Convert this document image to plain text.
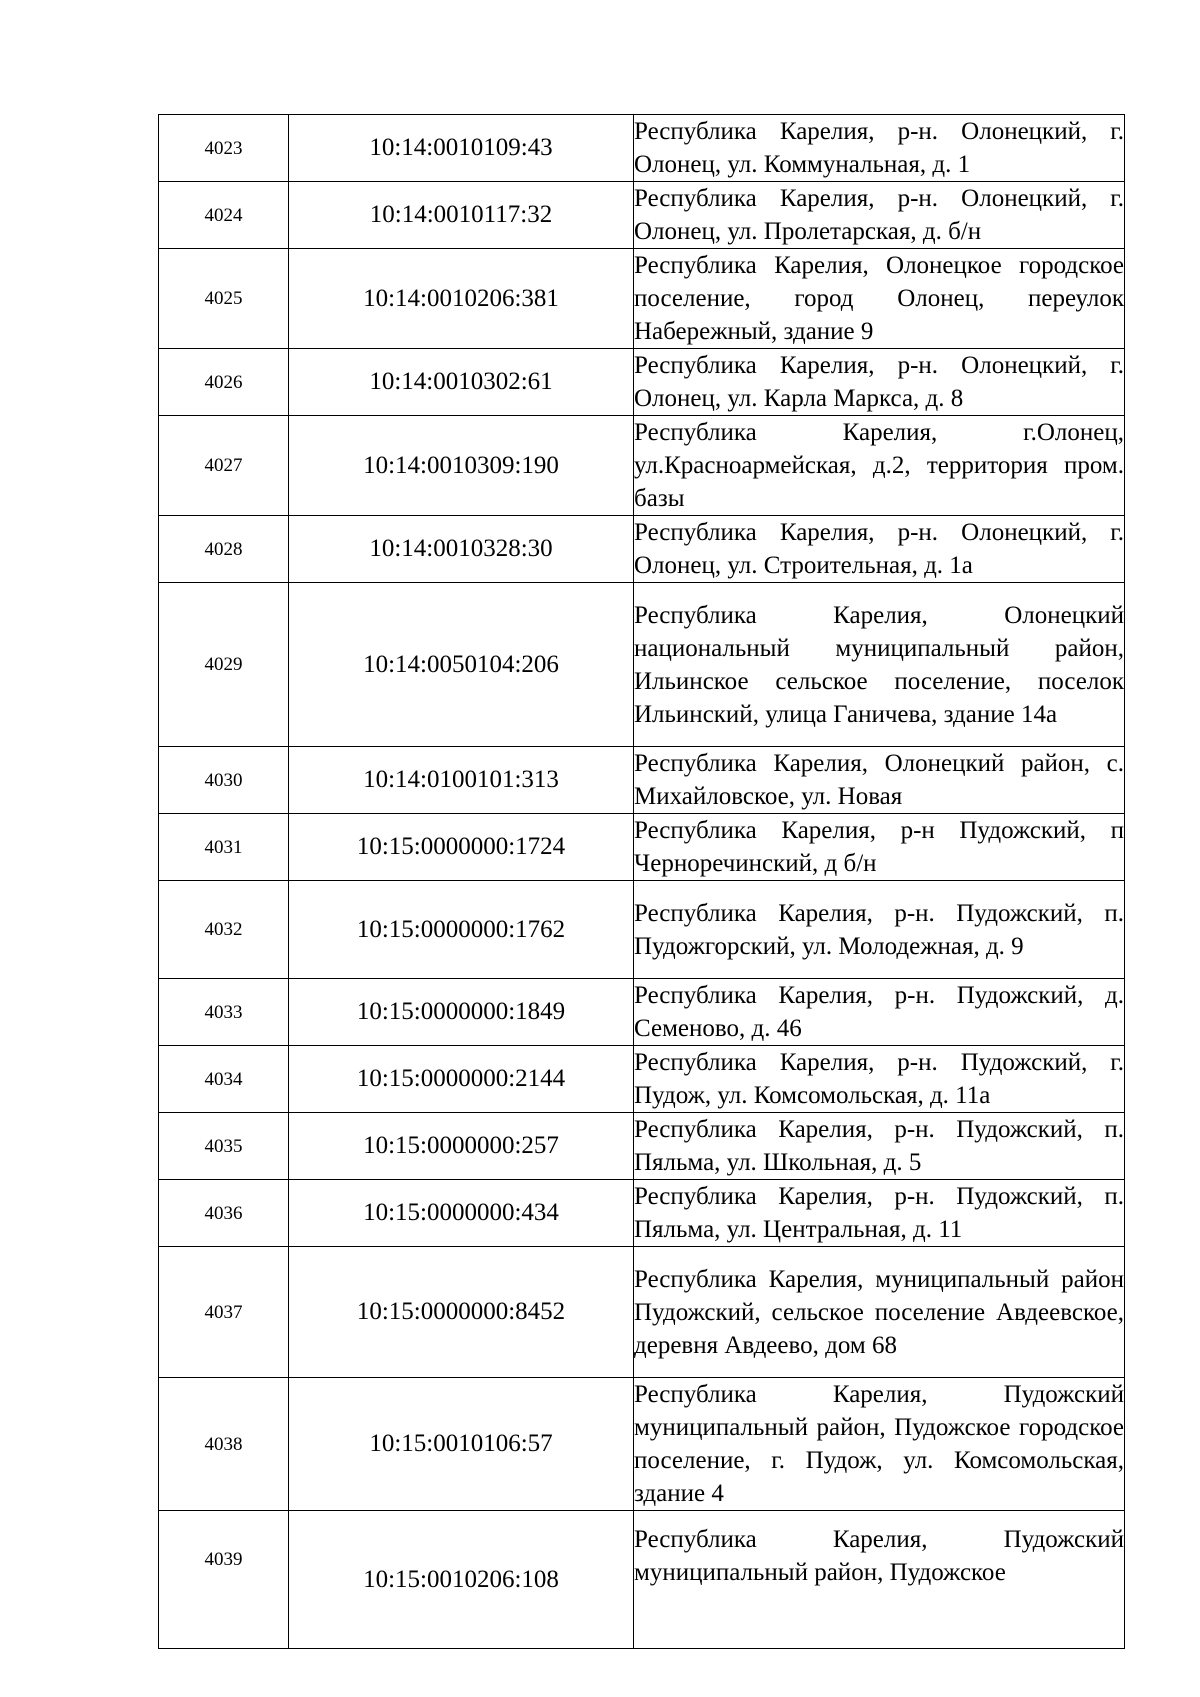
4023	10:14:0010109:43	Республика Карелия, р-н. Олонецкий, г. Олонец, ул. Коммунальная, д. 1
4024	10:14:0010117:32	Республика Карелия, р-н. Олонецкий, г. Олонец, ул. Пролетарская, д. б/н
4025	10:14:0010206:381	Республика Карелия, Олонецкое городское поселение, город Олонец, переулок Набережный, здание 9
4026	10:14:0010302:61	Республика Карелия, р-н. Олонецкий, г. Олонец, ул. Карла Маркса, д. 8
4027	10:14:0010309:190	Республика Карелия, г.Олонец, ул.Красноармейская, д.2, территория пром. базы
4028	10:14:0010328:30	Республика Карелия, р-н. Олонецкий, г. Олонец, ул. Строительная, д. 1а
4029	10:14:0050104:206	Республика Карелия, Олонецкий национальный муниципальный район, Ильинское сельское поселение, поселок Ильинский, улица Ганичева, здание 14а
4030	10:14:0100101:313	Республика Карелия, Олонецкий район, с. Михайловское, ул. Новая
4031	10:15:0000000:1724	Республика Карелия, р-н Пудожский, п Черноречинский, д б/н
4032	10:15:0000000:1762	Республика Карелия, р-н. Пудожский, п. Пудожгорский, ул. Молодежная, д. 9
4033	10:15:0000000:1849	Республика Карелия, р-н. Пудожский, д. Семеново, д. 46
4034	10:15:0000000:2144	Республика Карелия, р-н. Пудожский, г. Пудож, ул. Комсомольская, д. 11а
4035	10:15:0000000:257	Республика Карелия, р-н. Пудожский, п. Пяльма, ул. Школьная, д. 5
4036	10:15:0000000:434	Республика Карелия, р-н. Пудожский, п. Пяльма, ул. Центральная, д. 11
4037	10:15:0000000:8452	Республика Карелия, муниципальный район Пудожский, сельское поселение Авдеевское, деревня Авдеево, дом 68
4038	10:15:0010106:57	Республика Карелия, Пудожский муниципальный район, Пудожское городское поселение, г. Пудож, ул. Комсомольская, здание 4
4039	10:15:0010206:108	Республика Карелия, Пудожский муниципальный район, Пудожское
